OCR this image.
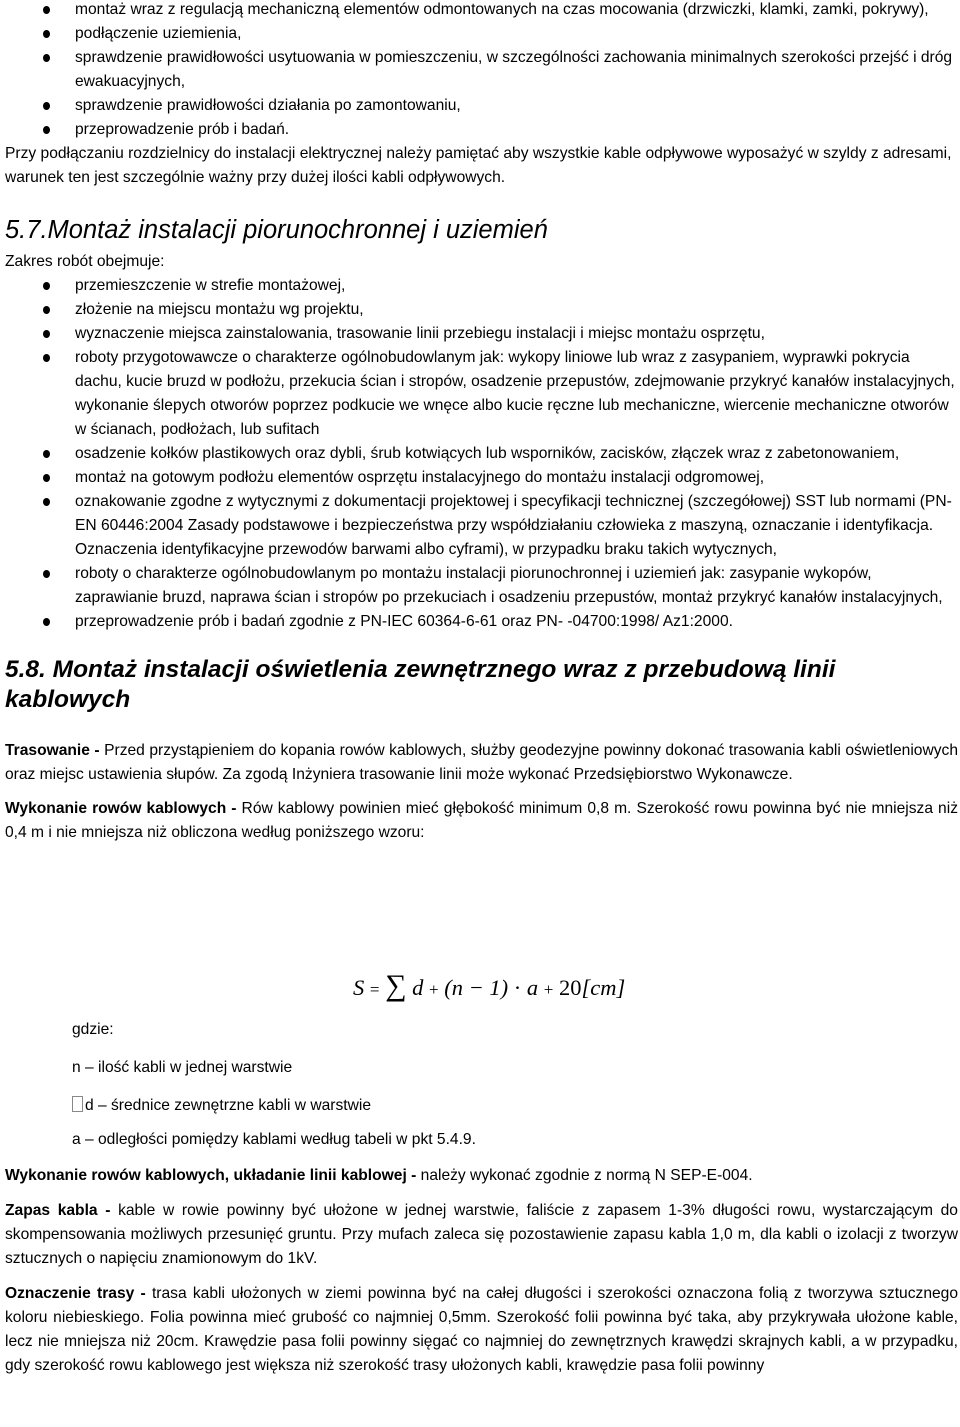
montaż wraz z regulacją mechaniczną elementów odmontowanych na czas mocowania (drzwiczki, klamki, zamki, pokrywy),
podłączenie uziemienia,
sprawdzenie prawidłowości usytuowania w pomieszczeniu, w szczególności zachowania minimalnych szerokości przejść i dróg ewakuacyjnych,
sprawdzenie prawidłowości działania po zamontowaniu,
przeprowadzenie prób i badań.

Przy podłączaniu rozdzielnicy do instalacji elektrycznej należy pamiętać aby wszystkie kable odpływowe wyposażyć w szyldy z adresami, warunek ten jest szczególnie ważny przy dużej ilości kabli odpływowych.

5.7.Montaż instalacji piorunochronnej i uziemień

Zakres robót obejmuje:

przemieszczenie w strefie montażowej,
złożenie na miejscu montażu wg projektu,
wyznaczenie miejsca zainstalowania, trasowanie linii przebiegu instalacji i miejsc montażu osprzętu,
roboty przygotowawcze o charakterze ogólnobudowlanym jak: wykopy liniowe lub wraz z zasypaniem, wyprawki pokrycia dachu, kucie bruzd w podłożu, przekucia ścian i stropów, osadzenie przepustów, zdejmowanie przykryć kanałów instalacyjnych, wykonanie ślepych otworów poprzez podkucie we wnęce albo kucie ręczne lub mechaniczne, wiercenie mechaniczne otworów w ścianach, podłożach, lub sufitach
osadzenie kołków plastikowych oraz dybli, śrub kotwiących lub wsporników, zacisków, złączek wraz z zabetonowaniem,
montaż na gotowym podłożu elementów osprzętu instalacyjnego do montażu instalacji odgromowej,
oznakowanie zgodne z wytycznymi z dokumentacji projektowej i specyfikacji technicznej (szczegółowej) SST lub normami (PN-EN 60446:2004 Zasady podstawowe i bezpieczeństwa przy współdziałaniu człowieka z maszyną, oznaczanie i identyfikacja. Oznaczenia identyfikacyjne przewodów barwami albo cyframi), w przypadku braku takich wytycznych,
roboty o charakterze ogólnobudowlanym po montażu instalacji piorunochronnej i uziemień jak: zasypanie wykopów, zaprawianie bruzd, naprawa ścian i stropów po przekuciach i osadzeniu przepustów, montaż przykryć kanałów instalacyjnych,
przeprowadzenie prób i badań zgodnie z PN-IEC 60364-6-61 oraz PN- -04700:1998/ Az1:2000.
5.8. Montaż instalacji oświetlenia zewnętrznego wraz z przebudową linii kablowych

Trasowanie - Przed przystąpieniem do kopania rowów kablowych, służby geodezyjne powinny dokonać trasowania kabli oświetleniowych oraz miejsc ustawienia słupów. Za zgodą Inżyniera trasowanie linii może wykonać Przedsiębiorstwo Wykonawcze.

Wykonanie rowów kablowych - Rów kablowy powinien mieć głębokość minimum 0,8 m. Szerokość rowu powinna być nie mniejsza niż 0,4 m i nie mniejsza niż obliczona według poniższego wzoru:

S = ∑ d + (n − 1) · a + 20[cm]

gdzie:

n – ilość kabli w jednej warstwie

d – średnice zewnętrzne kabli w warstwie

a – odległości pomiędzy kablami według tabeli w pkt 5.4.9.

Wykonanie rowów kablowych, układanie linii kablowej - należy wykonać zgodnie z normą N SEP-E-004.

Zapas kabla - kable w rowie powinny być ułożone w jednej warstwie, faliście z zapasem 1-3% długości rowu, wystarczającym do skompensowania możliwych przesunięć gruntu. Przy mufach zaleca się pozostawienie zapasu kabla 1,0 m, dla kabli o izolacji z tworzyw sztucznych o napięciu znamionowym do 1kV.

Oznaczenie trasy - trasa kabli ułożonych w ziemi powinna być na całej długości i szerokości oznaczona folią z tworzywa sztucznego koloru niebieskiego. Folia powinna mieć grubość co najmniej 0,5mm. Szerokość folii powinna być taka, aby przykrywała ułożone kable, lecz nie mniejsza niż 20cm. Krawędzie pasa folii powinny sięgać co najmniej do zewnętrznych krawędzi skrajnych kabli, a w przypadku, gdy szerokość rowu kablowego jest większa niż szerokość trasy ułożonych kabli, krawędzie pasa folii powinny
